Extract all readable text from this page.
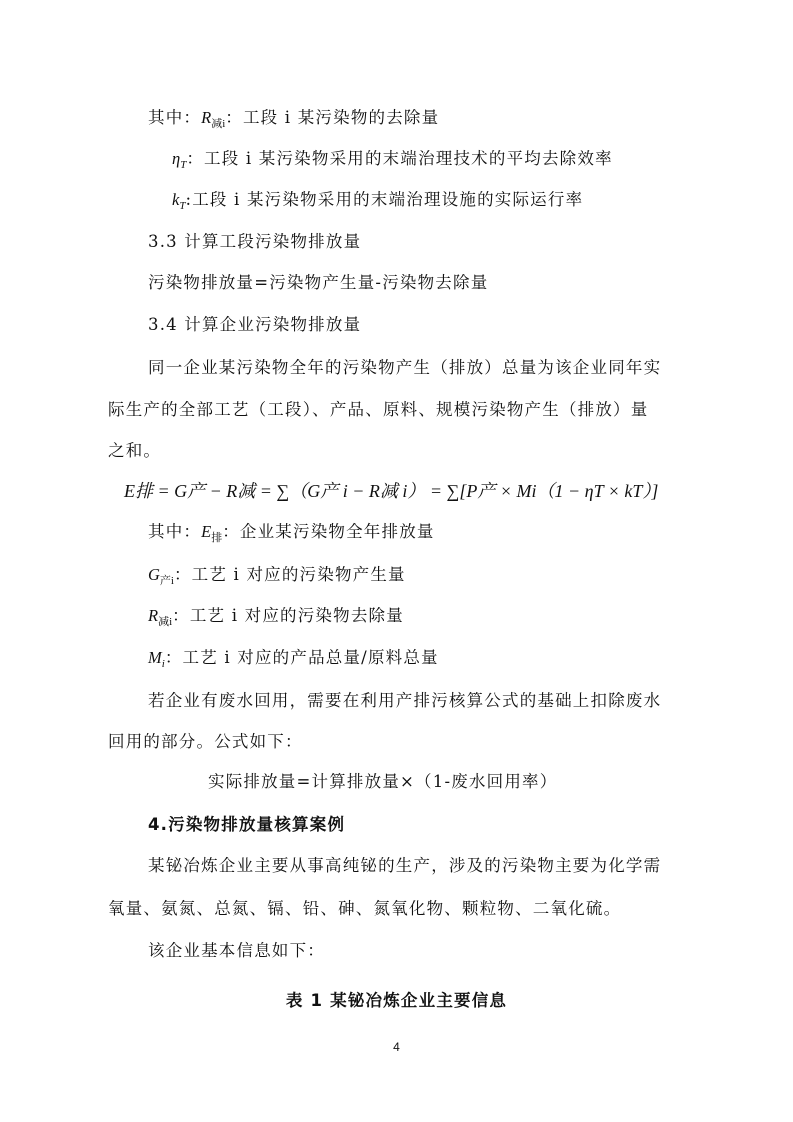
其中：$R_{减i}$：工段 i 某污染物的去除量
$\eta_T$：工段 i 某污染物采用的末端治理技术的平均去除效率
$k_T$:工段 i 某污染物采用的末端治理设施的实际运行率
3.3 计算工段污染物排放量
污染物排放量=污染物产生量-污染物去除量
3.4 计算企业污染物排放量
同一企业某污染物全年的污染物产生（排放）总量为该企业同年实
际生产的全部工艺（工段）、产品、原料、规模污染物产生（排放）量
之和。
E排 = G产 − R减 = ∑（G产 i − R减 i） = ∑[P产 × Mi（1 − ηT × kT）]
其中：$E_排$：企业某污染物全年排放量
$G_{产i}$：工艺 i 对应的污染物产生量
$R_{减i}$：工艺 i 对应的污染物去除量
$M_i$：工艺 i 对应的产品总量/原料总量
若企业有废水回用，需要在利用产排污核算公式的基础上扣除废水
回用的部分。公式如下：
实际排放量=计算排放量×（1-废水回用率）
4.污染物排放量核算案例
某铋冶炼企业主要从事高纯铋的生产，涉及的污染物主要为化学需
氧量、氨氮、总氮、镉、铅、砷、氮氧化物、颗粒物、二氧化硫。
该企业基本信息如下：
表 1 某铋冶炼企业主要信息
4
